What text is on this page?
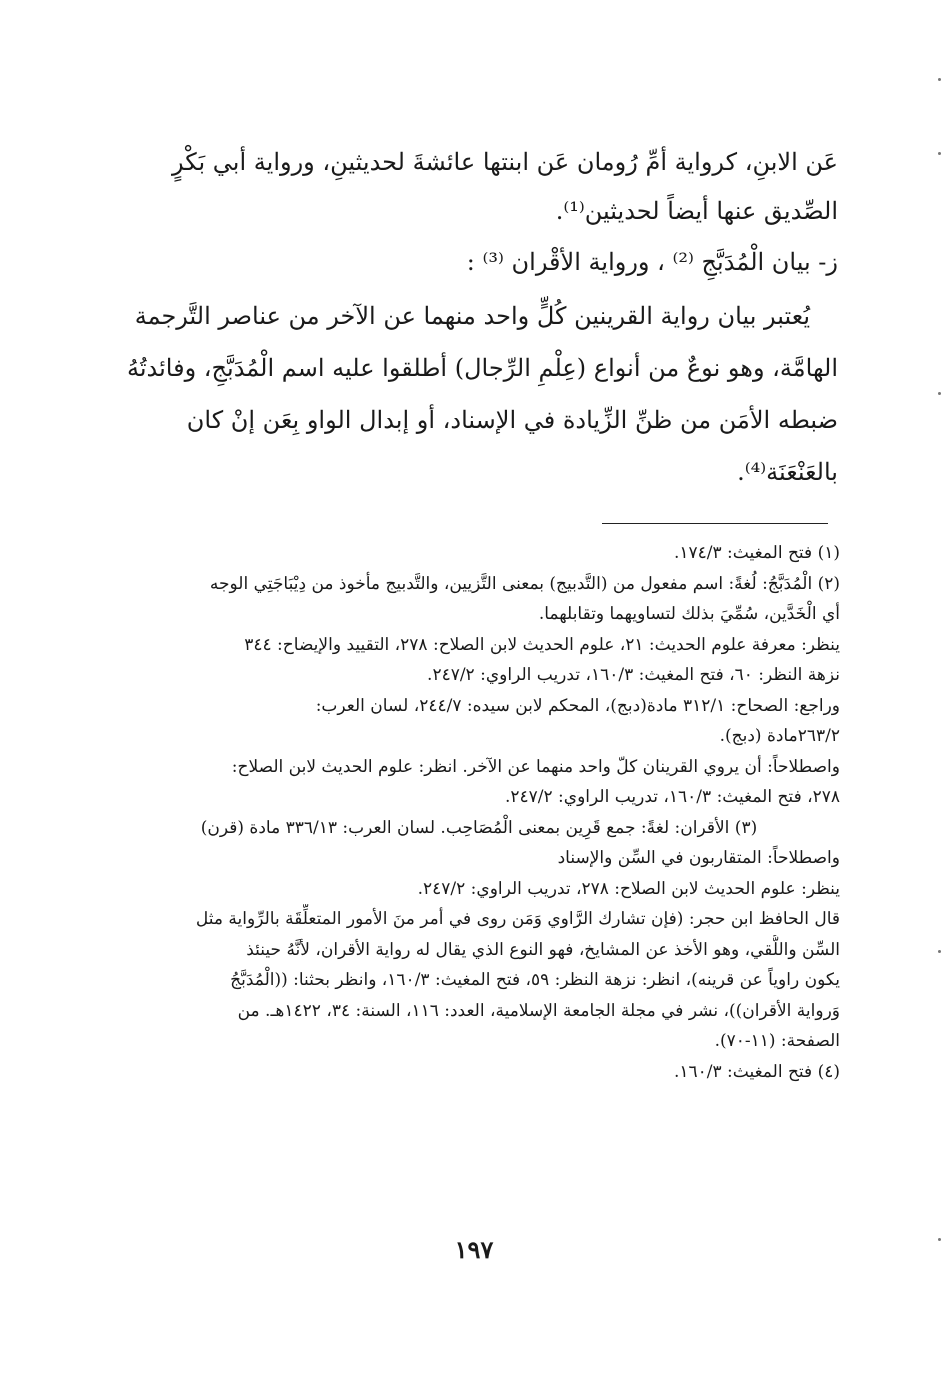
عَن الابنِ، كرواية أمِّ رُومان عَن ابنتها عائشةَ لحديثينِ، ورواية أبي بَكْرٍ

الصِّديق عنها أيضاً لحديثين⁽¹⁾.

ز- بيان الْمُدَبَّجِ ⁽²⁾ ، ورواية الأقْران ⁽³⁾ :

يُعتبر بيان رواية القرينين كُلٍّ واحد منهما عن الآخر من عناصر التَّرجمة

الهامَّة، وهو نوعٌ من أنواع (عِلْمِ الرِّجال) أطلقوا عليه اسم الْمُدَبَّجِ، وفائدتُهُ

ضبطه الأمَن من ظنِّ الزِّيادة في الإسناد، أو إبدال الواو بِعَن إنْ كان

بالعَنْعَنَة⁽⁴⁾.

(١) فتح المغيث: ١٧٤/٣.
(٢) الْمُدَبَّجُ: لُغةً: اسم مفعول من (التَّدبيج) بمعنى التَّزيين، والتَّدبيج مأخوذ من دِيْبَاجَتِي الوجه
أي الْخَدَّين، سُمِّيَ بذلك لتساويهما وتقابلهما.
ينظر: معرفة علوم الحديث: ٢١، علوم الحديث لابن الصلاح: ٢٧٨، التقييد والإيضاح: ٣٤٤
نزهة النظر: ٦٠، فتح المغيث: ١٦٠/٣، تدريب الراوي: ٢٤٧/٢.
وراجع: الصحاح: ٣١٢/١ مادة(دبج)، المحكم لابن سيده: ٢٤٤/٧، لسان العرب:
٢٦٣/٢مادة (دبج).
واصطلاحاً: أن يروي القرينان كلّ واحد منهما عن الآخر. انظر: علوم الحديث لابن الصلاح:
٢٧٨، فتح المغيث: ١٦٠/٣، تدريب الراوي: ٢٤٧/٢.
(٣) الأقران: لغةً: جمع قَرِين بمعنى الْمُصَاحِب. لسان العرب: ٣٣٦/١٣ مادة (قرن)
واصطلاحاً: المتقاربون في السِّن والإسناد
ينظر: علوم الحديث لابن الصلاح: ٢٧٨، تدريب الراوي: ٢٤٧/٢.
قال الحافظ ابن حجر: (فإن تشارك الرَّاوي وَمَن روى في أمر منَ الأمور المتعلِّقَة بالرِّواية مثل
السِّن واللُّقي، وهو الأخذ عن المشايخ، فهو النوع الذي يقال له رواية الأقران، لأنَّهُ حينئذ
يكون راوياً عن قرينه)، انظر: نزهة النظر: ٥٩، فتح المغيث: ١٦٠/٣، وانظر بحثنا: ((الْمُدَبَّجُ
وَرواية الأقران))، نشر في مجلة الجامعة الإسلامية، العدد: ١١٦، السنة: ٣٤، ١٤٢٢هـ. من
الصفحة: (١١-٧٠).
(٤) فتح المغيث: ١٦٠/٣.
١٩٧
